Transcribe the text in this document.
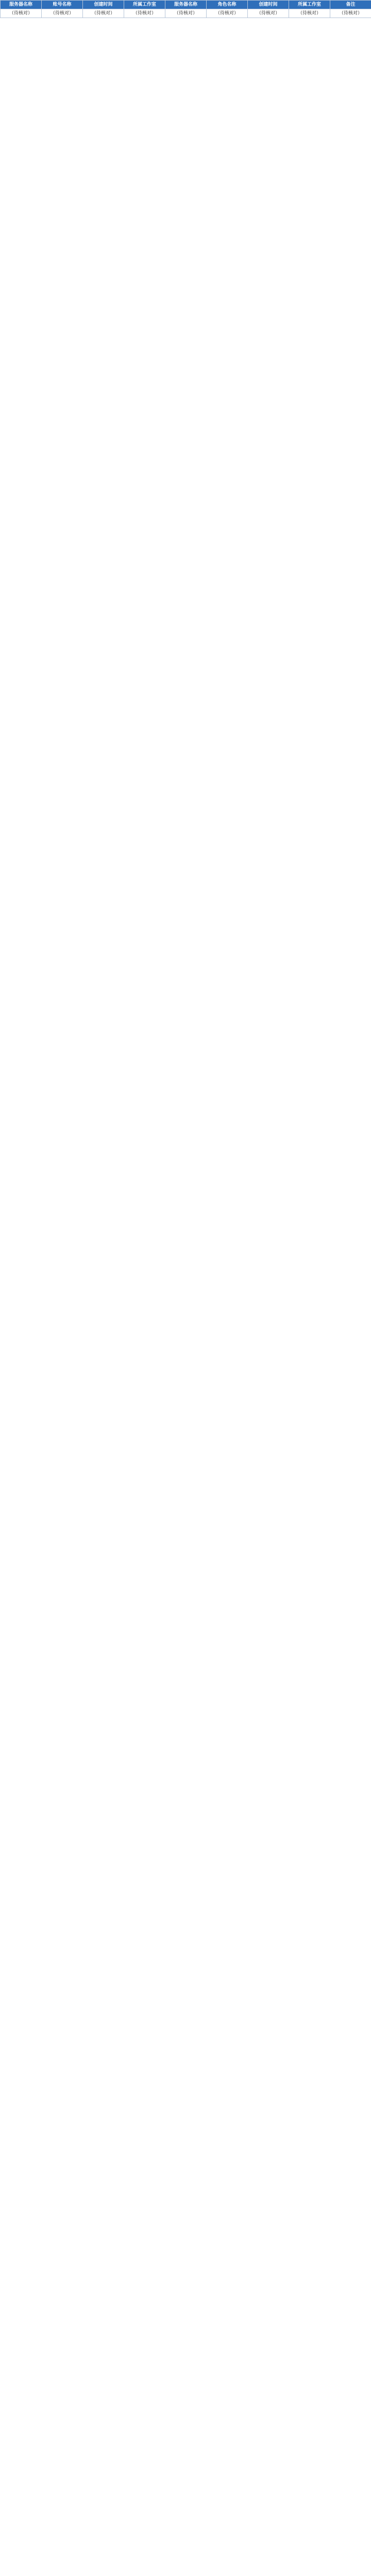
服务器名称	账号名称	创建时间	所属工作室	服务器名称	角色名称	创建时间	所属工作室	备注
（待核对）	（待核对）	（待核对）	（待核对）	（待核对）	（待核对）	（待核对）	（待核对）	（待核对）
